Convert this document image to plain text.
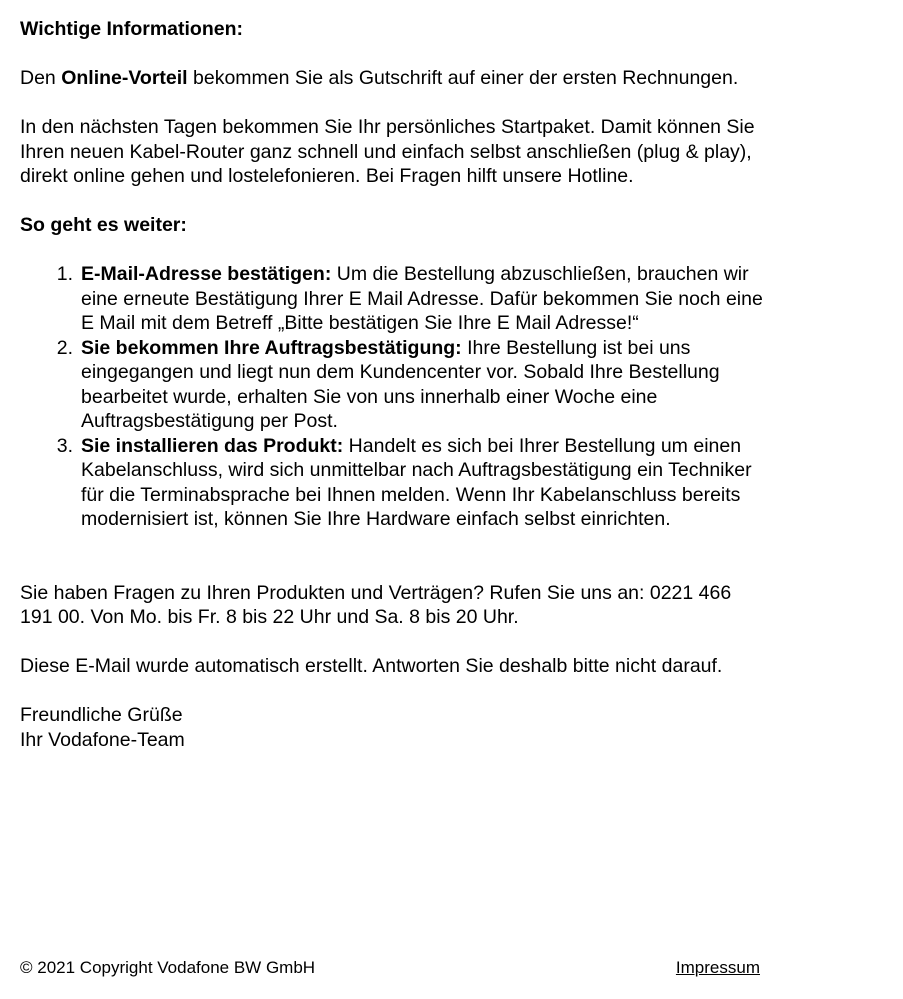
Wichtige Informationen:

Den Online-Vorteil bekommen Sie als Gutschrift auf einer der ersten Rechnungen.

In den nächsten Tagen bekommen Sie Ihr persönliches Startpaket. Damit können Sie Ihren neuen Kabel-Router ganz schnell und einfach selbst anschließen (plug & play), direkt online gehen und lostelefonieren. Bei Fragen hilft unsere Hotline.

So geht es weiter:

1. E-Mail-Adresse bestätigen: Um die Bestellung abzuschließen, brauchen wir eine erneute Bestätigung Ihrer E Mail Adresse. Dafür bekommen Sie noch eine E Mail mit dem Betreff „Bitte bestätigen Sie Ihre E Mail Adresse!“
2. Sie bekommen Ihre Auftragsbestätigung: Ihre Bestellung ist bei uns eingegangen und liegt nun dem Kundencenter vor. Sobald Ihre Bestellung bearbeitet wurde, erhalten Sie von uns innerhalb einer Woche eine Auftragsbestätigung per Post.
3. Sie installieren das Produkt: Handelt es sich bei Ihrer Bestellung um einen Kabelanschluss, wird sich unmittelbar nach Auftragsbestätigung ein Techniker für die Terminabsprache bei Ihnen melden. Wenn Ihr Kabelanschluss bereits modernisiert ist, können Sie Ihre Hardware einfach selbst einrichten.

Sie haben Fragen zu Ihren Produkten und Verträgen? Rufen Sie uns an: 0221 466 191 00. Von Mo. bis Fr. 8 bis 22 Uhr und Sa. 8 bis 20 Uhr.

Diese E-Mail wurde automatisch erstellt. Antworten Sie deshalb bitte nicht darauf.

Freundliche Grüße

Ihr Vodafone-Team

© 2021 Copyright Vodafone BW GmbH	Impressum
